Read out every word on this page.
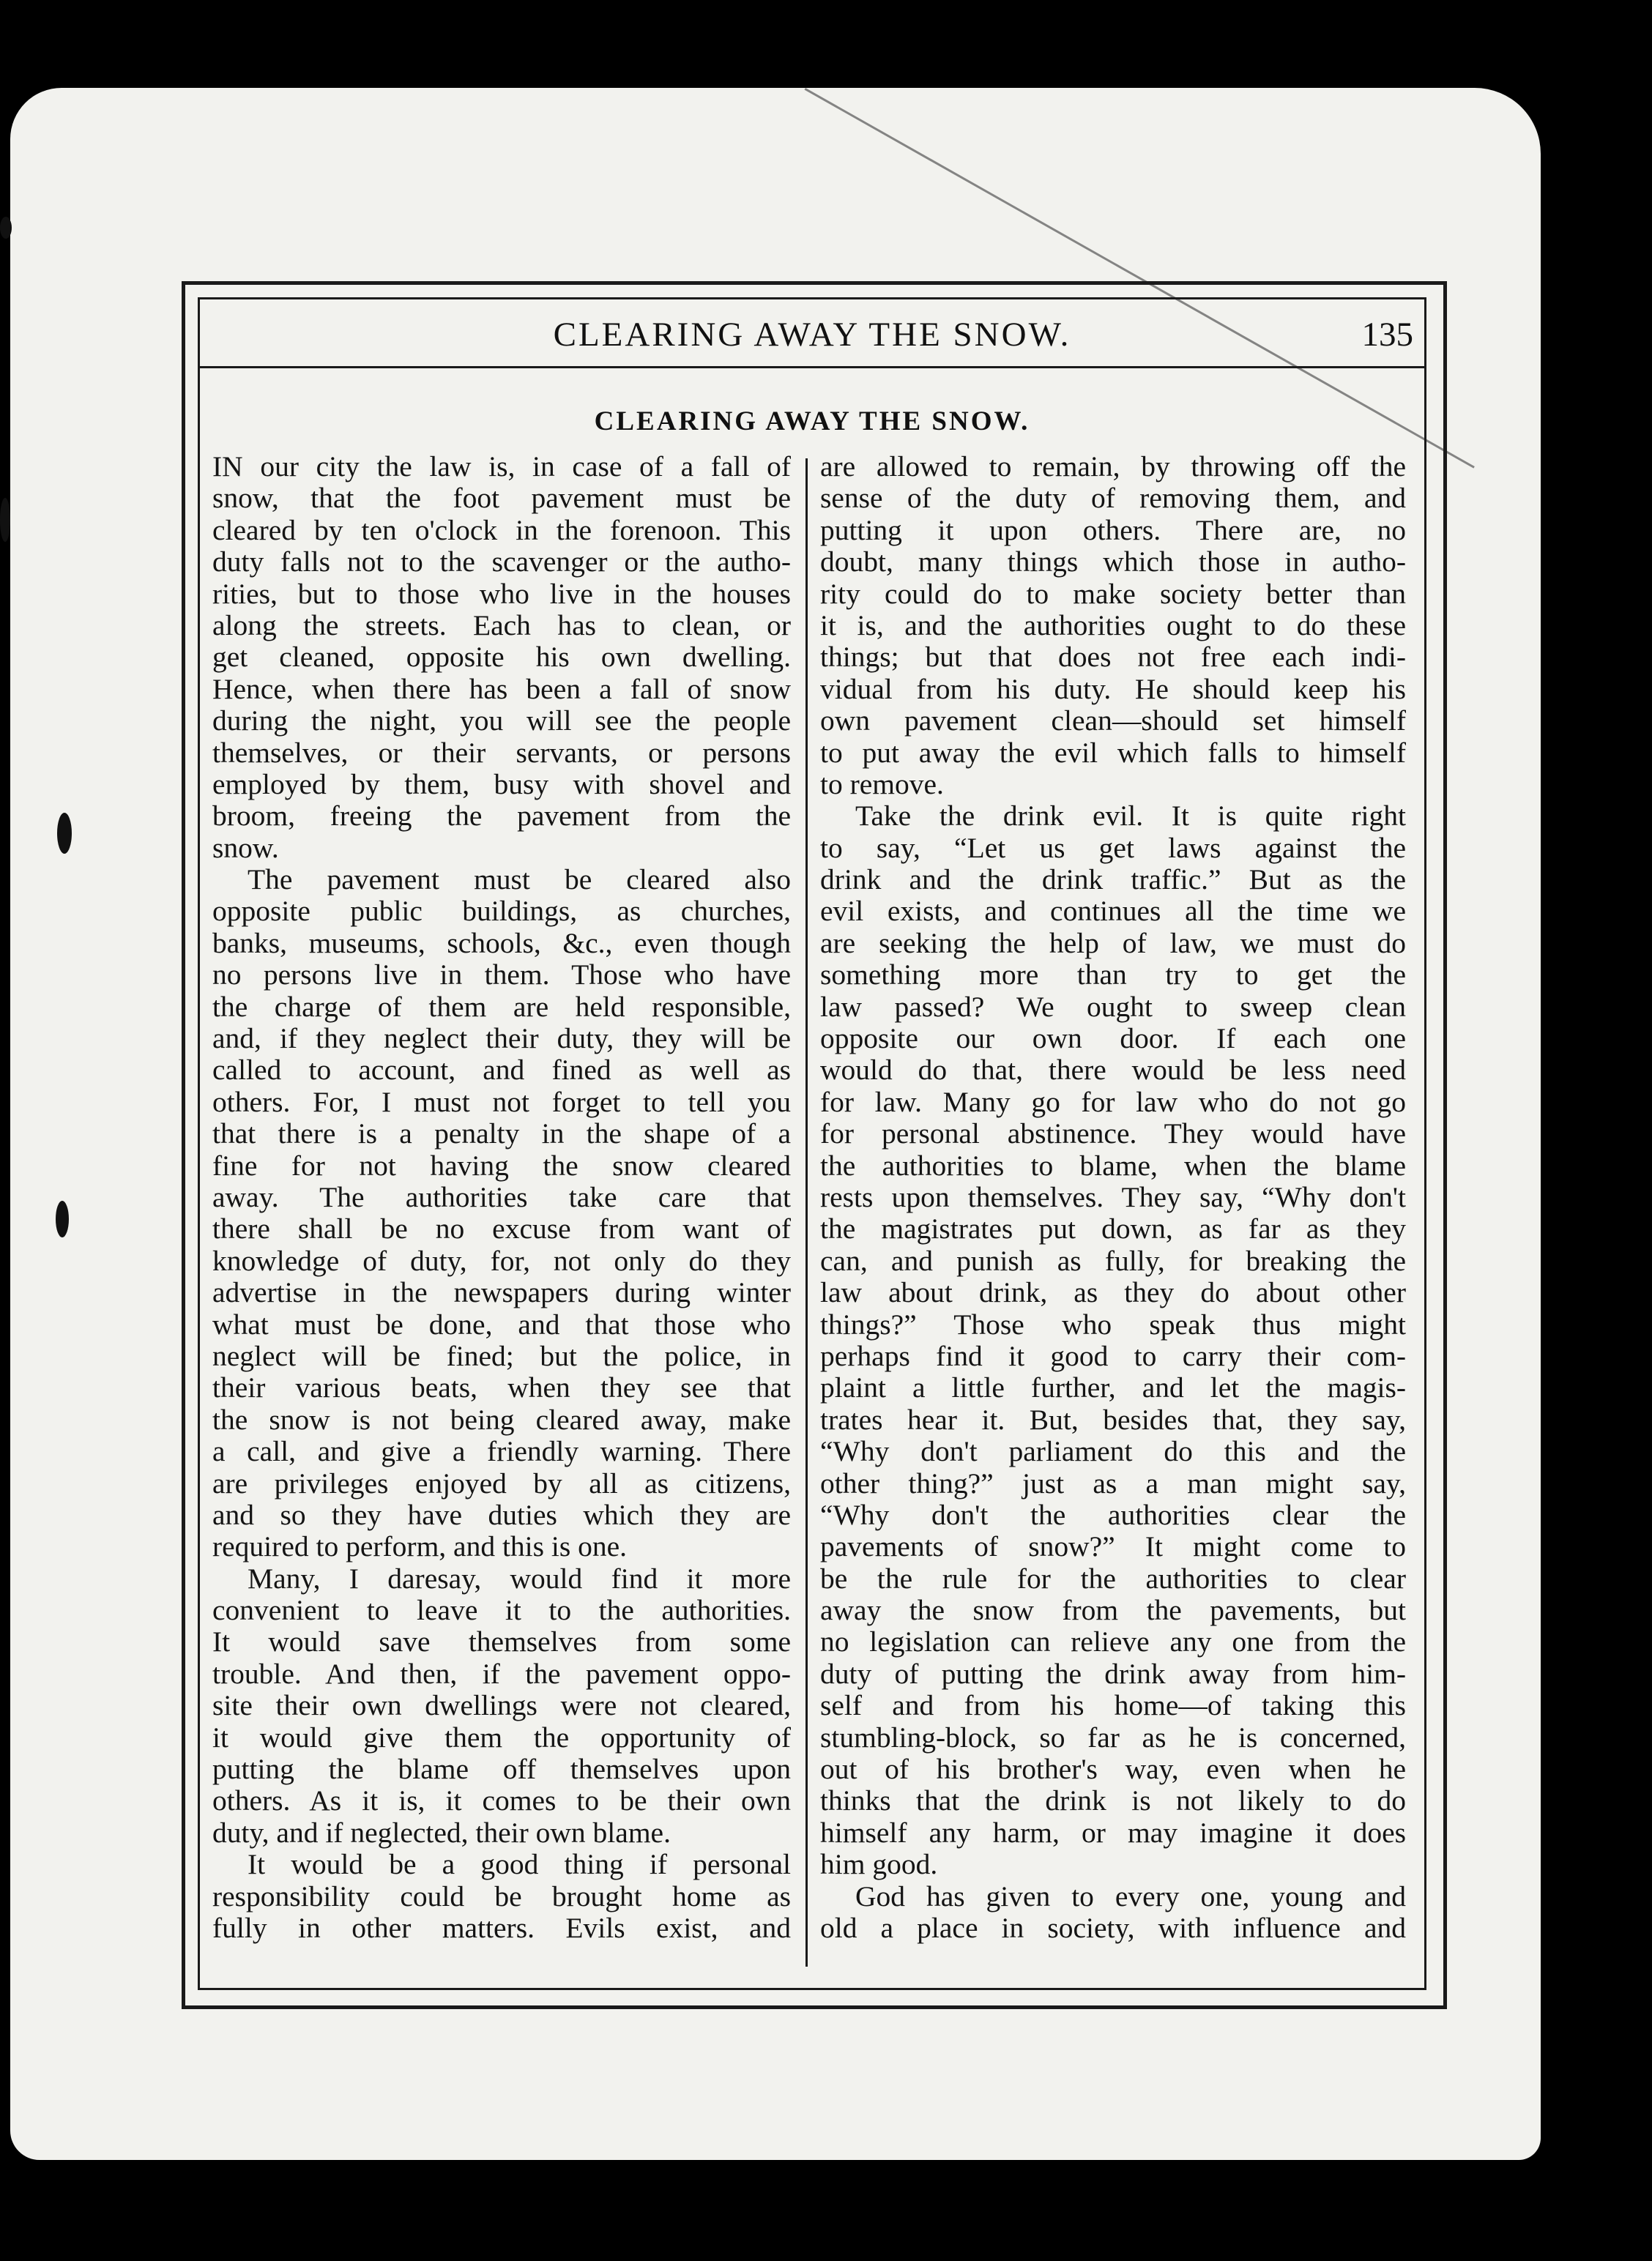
CLEARING AWAY THE SNOW.	135
CLEARING AWAY THE SNOW.
IN our city the law is, in case of a fall of
snow, that the foot pavement must be
cleared by ten o'clock in the forenoon. This
duty falls not to the scavenger or the autho-
rities, but to those who live in the houses
along the streets. Each has to clean, or
get cleaned, opposite his own dwelling.
Hence, when there has been a fall of snow
during the night, you will see the people
themselves, or their servants, or persons
employed by them, busy with shovel and
broom, freeing the pavement from the
snow.
The pavement must be cleared also
opposite public buildings, as churches,
banks, museums, schools, &c., even though
no persons live in them. Those who have
the charge of them are held responsible,
and, if they neglect their duty, they will be
called to account, and fined as well as
others. For, I must not forget to tell you
that there is a penalty in the shape of a
fine for not having the snow cleared
away. The authorities take care that
there shall be no excuse from want of
knowledge of duty, for, not only do they
advertise in the newspapers during winter
what must be done, and that those who
neglect will be fined; but the police, in
their various beats, when they see that
the snow is not being cleared away, make
a call, and give a friendly warning. There
are privileges enjoyed by all as citizens,
and so they have duties which they are
required to perform, and this is one.
Many, I daresay, would find it more
convenient to leave it to the authorities.
It would save themselves from some
trouble. And then, if the pavement oppo-
site their own dwellings were not cleared,
it would give them the opportunity of
putting the blame off themselves upon
others. As it is, it comes to be their own
duty, and if neglected, their own blame.
It would be a good thing if personal
responsibility could be brought home as
fully in other matters. Evils exist, and
are allowed to remain, by throwing off the
sense of the duty of removing them, and
putting it upon others. There are, no
doubt, many things which those in autho-
rity could do to make society better than
it is, and the authorities ought to do these
things; but that does not free each indi-
vidual from his duty. He should keep his
own pavement clean—should set himself
to put away the evil which falls to himself
to remove.
Take the drink evil. It is quite right
to say, “Let us get laws against the
drink and the drink traffic.” But as the
evil exists, and continues all the time we
are seeking the help of law, we must do
something more than try to get the
law passed? We ought to sweep clean
opposite our own door. If each one
would do that, there would be less need
for law. Many go for law who do not go
for personal abstinence. They would have
the authorities to blame, when the blame
rests upon themselves. They say, “Why don't
the magistrates put down, as far as they
can, and punish as fully, for breaking the
law about drink, as they do about other
things?” Those who speak thus might
perhaps find it good to carry their com-
plaint a little further, and let the magis-
trates hear it. But, besides that, they say,
“Why don't parliament do this and the
other thing?” just as a man might say,
“Why don't the authorities clear the
pavements of snow?” It might come to
be the rule for the authorities to clear
away the snow from the pavements, but
no legislation can relieve any one from the
duty of putting the drink away from him-
self and from his home—of taking this
stumbling-block, so far as he is concerned,
out of his brother's way, even when he
thinks that the drink is not likely to do
himself any harm, or may imagine it does
him good.
God has given to every one, young and
old a place in society, with influence and
